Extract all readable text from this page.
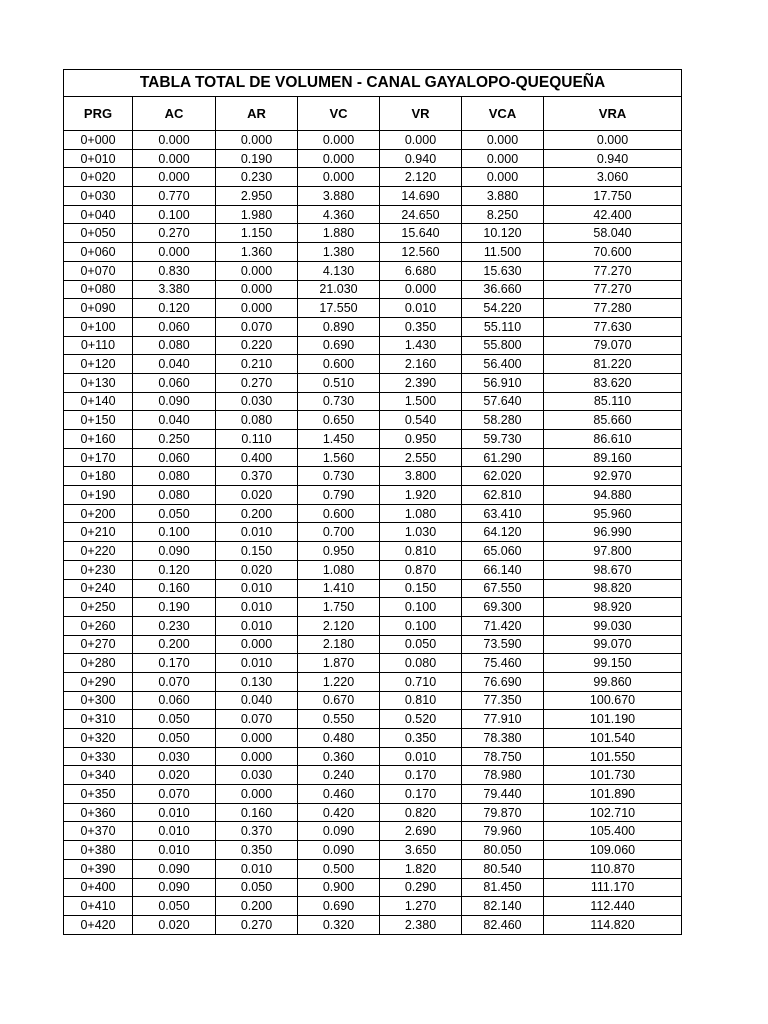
TABLA TOTAL DE VOLUMEN - CANAL GAYALOPO-QUEQUEÑA						
PRG	AC	AR	VC	VR	VCA	VRA
0+000	0.000	0.000	0.000	0.000	0.000	0.000
0+010	0.000	0.190	0.000	0.940	0.000	0.940
0+020	0.000	0.230	0.000	2.120	0.000	3.060
0+030	0.770	2.950	3.880	14.690	3.880	17.750
0+040	0.100	1.980	4.360	24.650	8.250	42.400
0+050	0.270	1.150	1.880	15.640	10.120	58.040
0+060	0.000	1.360	1.380	12.560	11.500	70.600
0+070	0.830	0.000	4.130	6.680	15.630	77.270
0+080	3.380	0.000	21.030	0.000	36.660	77.270
0+090	0.120	0.000	17.550	0.010	54.220	77.280
0+100	0.060	0.070	0.890	0.350	55.110	77.630
0+110	0.080	0.220	0.690	1.430	55.800	79.070
0+120	0.040	0.210	0.600	2.160	56.400	81.220
0+130	0.060	0.270	0.510	2.390	56.910	83.620
0+140	0.090	0.030	0.730	1.500	57.640	85.110
0+150	0.040	0.080	0.650	0.540	58.280	85.660
0+160	0.250	0.110	1.450	0.950	59.730	86.610
0+170	0.060	0.400	1.560	2.550	61.290	89.160
0+180	0.080	0.370	0.730	3.800	62.020	92.970
0+190	0.080	0.020	0.790	1.920	62.810	94.880
0+200	0.050	0.200	0.600	1.080	63.410	95.960
0+210	0.100	0.010	0.700	1.030	64.120	96.990
0+220	0.090	0.150	0.950	0.810	65.060	97.800
0+230	0.120	0.020	1.080	0.870	66.140	98.670
0+240	0.160	0.010	1.410	0.150	67.550	98.820
0+250	0.190	0.010	1.750	0.100	69.300	98.920
0+260	0.230	0.010	2.120	0.100	71.420	99.030
0+270	0.200	0.000	2.180	0.050	73.590	99.070
0+280	0.170	0.010	1.870	0.080	75.460	99.150
0+290	0.070	0.130	1.220	0.710	76.690	99.860
0+300	0.060	0.040	0.670	0.810	77.350	100.670
0+310	0.050	0.070	0.550	0.520	77.910	101.190
0+320	0.050	0.000	0.480	0.350	78.380	101.540
0+330	0.030	0.000	0.360	0.010	78.750	101.550
0+340	0.020	0.030	0.240	0.170	78.980	101.730
0+350	0.070	0.000	0.460	0.170	79.440	101.890
0+360	0.010	0.160	0.420	0.820	79.870	102.710
0+370	0.010	0.370	0.090	2.690	79.960	105.400
0+380	0.010	0.350	0.090	3.650	80.050	109.060
0+390	0.090	0.010	0.500	1.820	80.540	110.870
0+400	0.090	0.050	0.900	0.290	81.450	111.170
0+410	0.050	0.200	0.690	1.270	82.140	112.440
0+420	0.020	0.270	0.320	2.380	82.460	114.820
